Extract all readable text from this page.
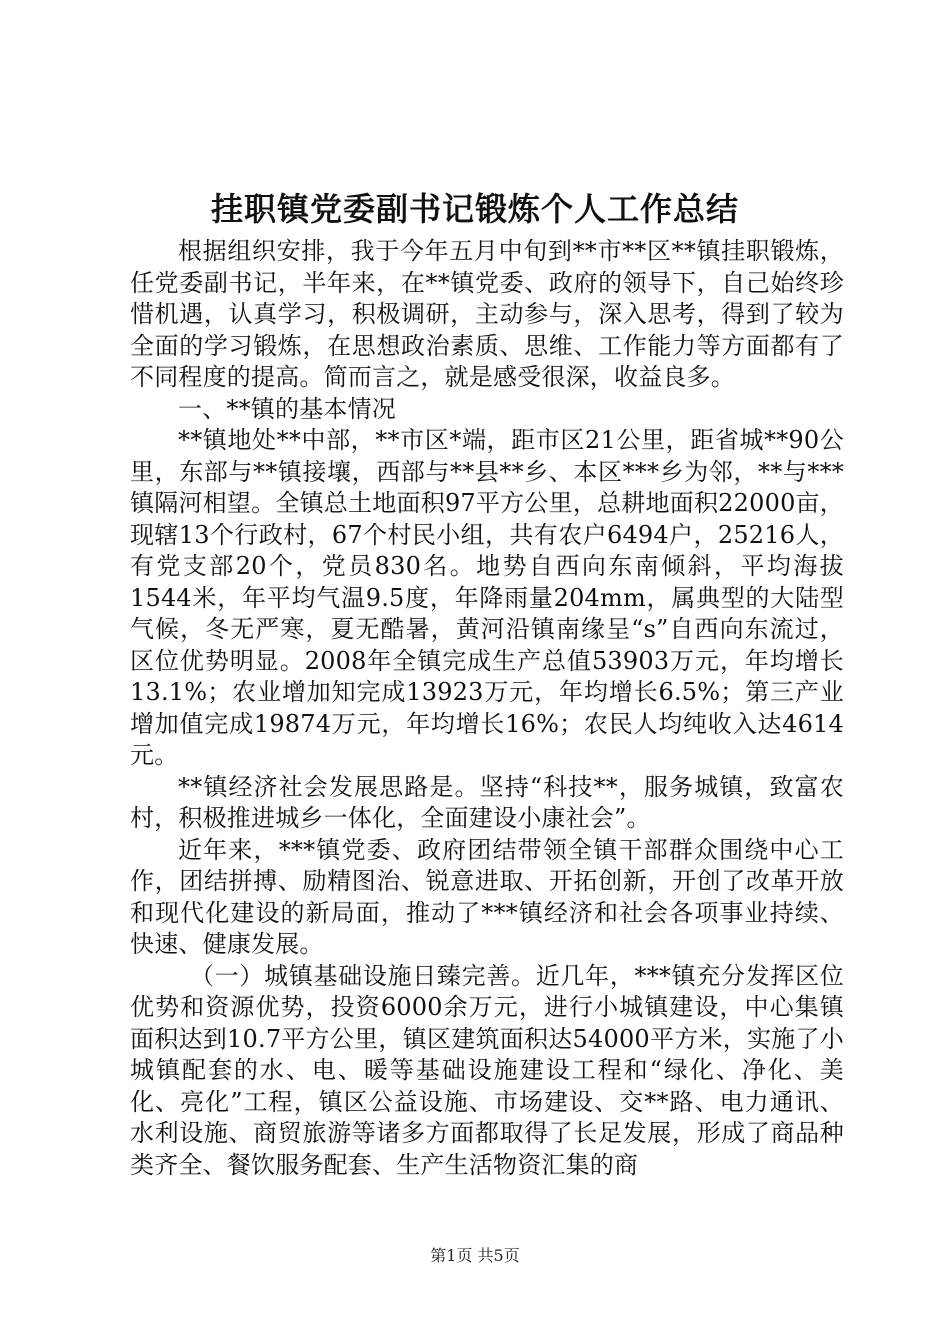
挂职镇党委副书记锻炼个人工作总结

根据组织安排，我于今年五月中旬到**市**区**镇挂职锻炼，任党委副书记，半年来，在**镇党委、政府的领导下，自己始终珍惜机遇，认真学习，积极调研，主动参与，深入思考，得到了较为全面的学习锻炼，在思想政治素质、思维、工作能力等方面都有了不同程度的提高。简而言之，就是感受很深，收益良多。

一、**镇的基本情况

**镇地处**中部，**市区*端，距市区21公里，距省城**90公里，东部与**镇接壤，西部与**县**乡、本区***乡为邻，**与***镇隔河相望。全镇总土地面积97平方公里，总耕地面积22000亩，现辖13个行政村，67个村民小组，共有农户6494户，25216人，有党支部20个，党员830名。地势自西向东南倾斜，平均海拔1544米，年平均气温9.5度，年降雨量204mm，属典型的大陆型气候，冬无严寒，夏无酷暑，黄河沿镇南缘呈“s”自西向东流过，区位优势明显。2008年全镇完成生产总值53903万元，年均增长13.1%；农业增加知完成13923万元，年均增长6.5%；第三产业增加值完成19874万元，年均增长16%；农民人均纯收入达4614元。

**镇经济社会发展思路是。坚持“科技**，服务城镇，致富农村，积极推进城乡一体化，全面建设小康社会”。

近年来，***镇党委、政府团结带领全镇干部群众围绕中心工作，团结拼搏、励精图治、锐意进取、开拓创新，开创了改革开放和现代化建设的新局面，推动了***镇经济和社会各项事业持续、快速、健康发展。

（一）城镇基础设施日臻完善。近几年，***镇充分发挥区位优势和资源优势，投资6000余万元，进行小城镇建设，中心集镇面积达到10.7平方公里，镇区建筑面积达54000平方米，实施了小城镇配套的水、电、暖等基础设施建设工程和“绿化、净化、美化、亮化”工程，镇区公益设施、市场建设、交**路、电力通讯、水利设施、商贸旅游等诸多方面都取得了长足发展，形成了商品种类齐全、餐饮服务配套、生产生活物资汇集的商

第1页 共5页
